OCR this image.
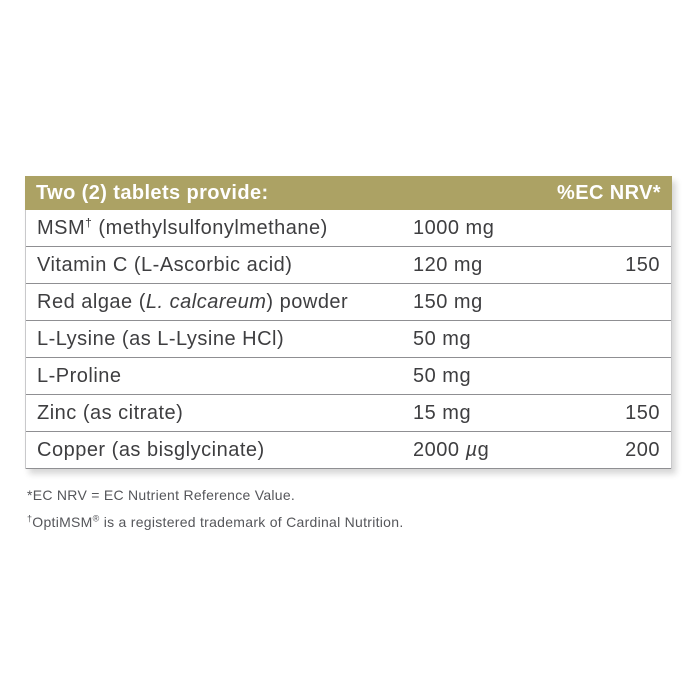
Two (2) tablets provide:	%EC NRV*
MSM† (methylsulfonylmethane)	1000 mg
Vitamin C (L-Ascorbic acid)	120 mg	150
Red algae (L. calcareum) powder	150 mg
L-Lysine (as L-Lysine HCl)	50 mg
L-Proline	50 mg
Zinc (as citrate)	15 mg	150
Copper (as bisglycinate)	2000 µg	200

*EC NRV = EC Nutrient Reference Value.

†OptiMSM® is a registered trademark of Cardinal Nutrition.
